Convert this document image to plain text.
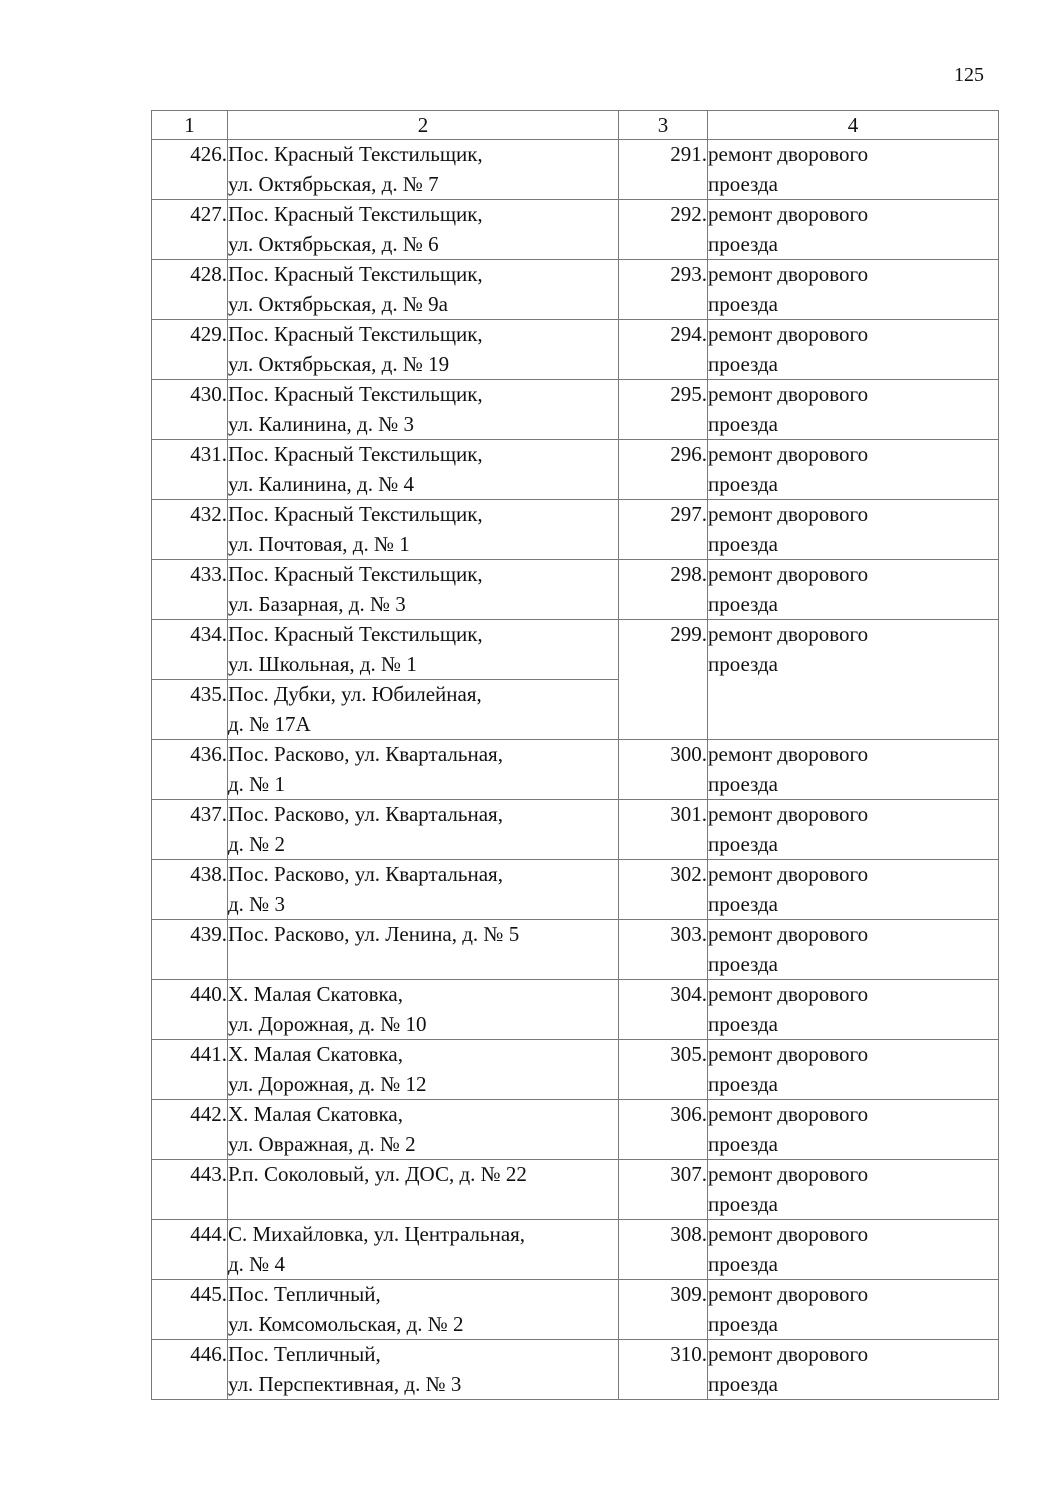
125
1	2	3	4

426.	Пос. Красный Текстильщик,
ул. Октябрьская, д. № 7	291.	ремонт дворового
проезда

427.	Пос. Красный Текстильщик,
ул. Октябрьская, д. № 6	292.	ремонт дворового
проезда

428.	Пос. Красный Текстильщик,
ул. Октябрьская, д. № 9а	293.	ремонт дворового
проезда

429.	Пос. Красный Текстильщик,
ул. Октябрьская, д. № 19	294.	ремонт дворового
проезда

430.	Пос. Красный Текстильщик,
ул. Калинина, д. № 3	295.	ремонт дворового
проезда

431.	Пос. Красный Текстильщик,
ул. Калинина, д. № 4	296.	ремонт дворового
проезда

432.	Пос. Красный Текстильщик,
ул. Почтовая, д. № 1	297.	ремонт дворового
проезда

433.	Пос. Красный Текстильщик,
ул. Базарная, д. № 3	298.	ремонт дворового
проезда

434.	Пос. Красный Текстильщик,
ул. Школьная, д. № 1	299.	ремонт дворового
проезда

435.	Пос. Дубки, ул. Юбилейная,
д. № 17А		

436.	Пос. Расково, ул. Квартальная,
д. № 1	300.	ремонт дворового
проезда

437.	Пос. Расково, ул. Квартальная,
д. № 2	301.	ремонт дворового
проезда

438.	Пос. Расково, ул. Квартальная,
д. № 3	302.	ремонт дворового
проезда

439.	Пос. Расково, ул. Ленина, д. № 5	303.	ремонт дворового
проезда

440.	Х. Малая Скатовка,
ул. Дорожная, д. № 10	304.	ремонт дворового
проезда

441.	Х. Малая Скатовка,
ул. Дорожная, д. № 12	305.	ремонт дворового
проезда

442.	Х. Малая Скатовка,
ул. Овражная, д. № 2	306.	ремонт дворового
проезда

443.	Р.п. Соколовый, ул. ДОС, д. № 22	307.	ремонт дворового
проезда

444.	С. Михайловка, ул. Центральная,
д. № 4	308.	ремонт дворового
проезда

445.	Пос. Тепличный,
ул. Комсомольская, д. № 2	309.	ремонт дворового
проезда

446.	Пос. Тепличный,
ул. Перспективная, д. № 3	310.	ремонт дворового
проезда
